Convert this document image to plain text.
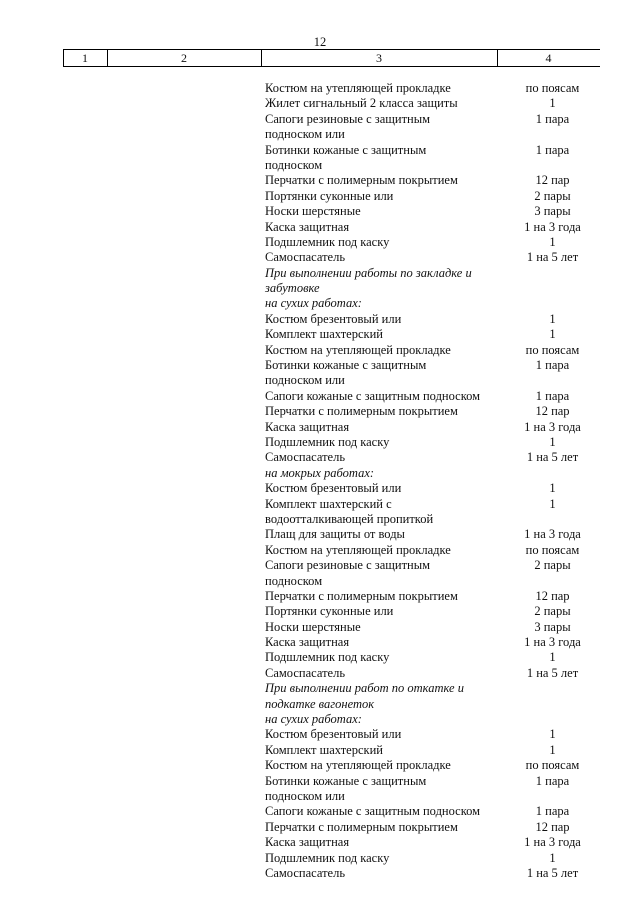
12
1	2	3	4
Костюм на утепляющей прокладке	по поясам
Жилет сигнальный 2 класса защиты	1
Сапоги резиновые с защитным	1 пара
подноском или
Ботинки кожаные с защитным	1 пара
подноском
Перчатки с полимерным покрытием	12 пар
Портянки суконные или	2 пары
Носки шерстяные	3 пары
Каска защитная	1 на 3 года
Подшлемник под каску	1
Самоспасатель	1 на 5 лет
При выполнении работы по закладке и
забутовке
на сухих работах:
Костюм брезентовый или	1
Комплект шахтерский	1
Костюм на утепляющей прокладке	по поясам
Ботинки кожаные с защитным	1 пара
подноском или
Сапоги кожаные с защитным подноском	1 пара
Перчатки с полимерным покрытием	12 пар
Каска защитная	1 на 3 года
Подшлемник под каску	1
Самоспасатель	1 на 5 лет
на мокрых работах:
Костюм брезентовый или	1
Комплект шахтерский с	1
водоотталкивающей пропиткой
Плащ для защиты от воды	1 на 3 года
Костюм на утепляющей прокладке	по поясам
Сапоги резиновые с защитным	2 пары
подноском
Перчатки с полимерным покрытием	12 пар
Портянки суконные или	2 пары
Носки шерстяные	3 пары
Каска защитная	1 на 3 года
Подшлемник под каску	1
Самоспасатель	1 на 5 лет
При выполнении работ по откатке и
подкатке вагонеток
на сухих работах:
Костюм брезентовый или	1
Комплект шахтерский	1
Костюм на утепляющей прокладке	по поясам
Ботинки кожаные с защитным	1 пара
подноском или
Сапоги кожаные с защитным подноском	1 пара
Перчатки с полимерным покрытием	12 пар
Каска защитная	1 на 3 года
Подшлемник под каску	1
Самоспасатель	1 на 5 лет
